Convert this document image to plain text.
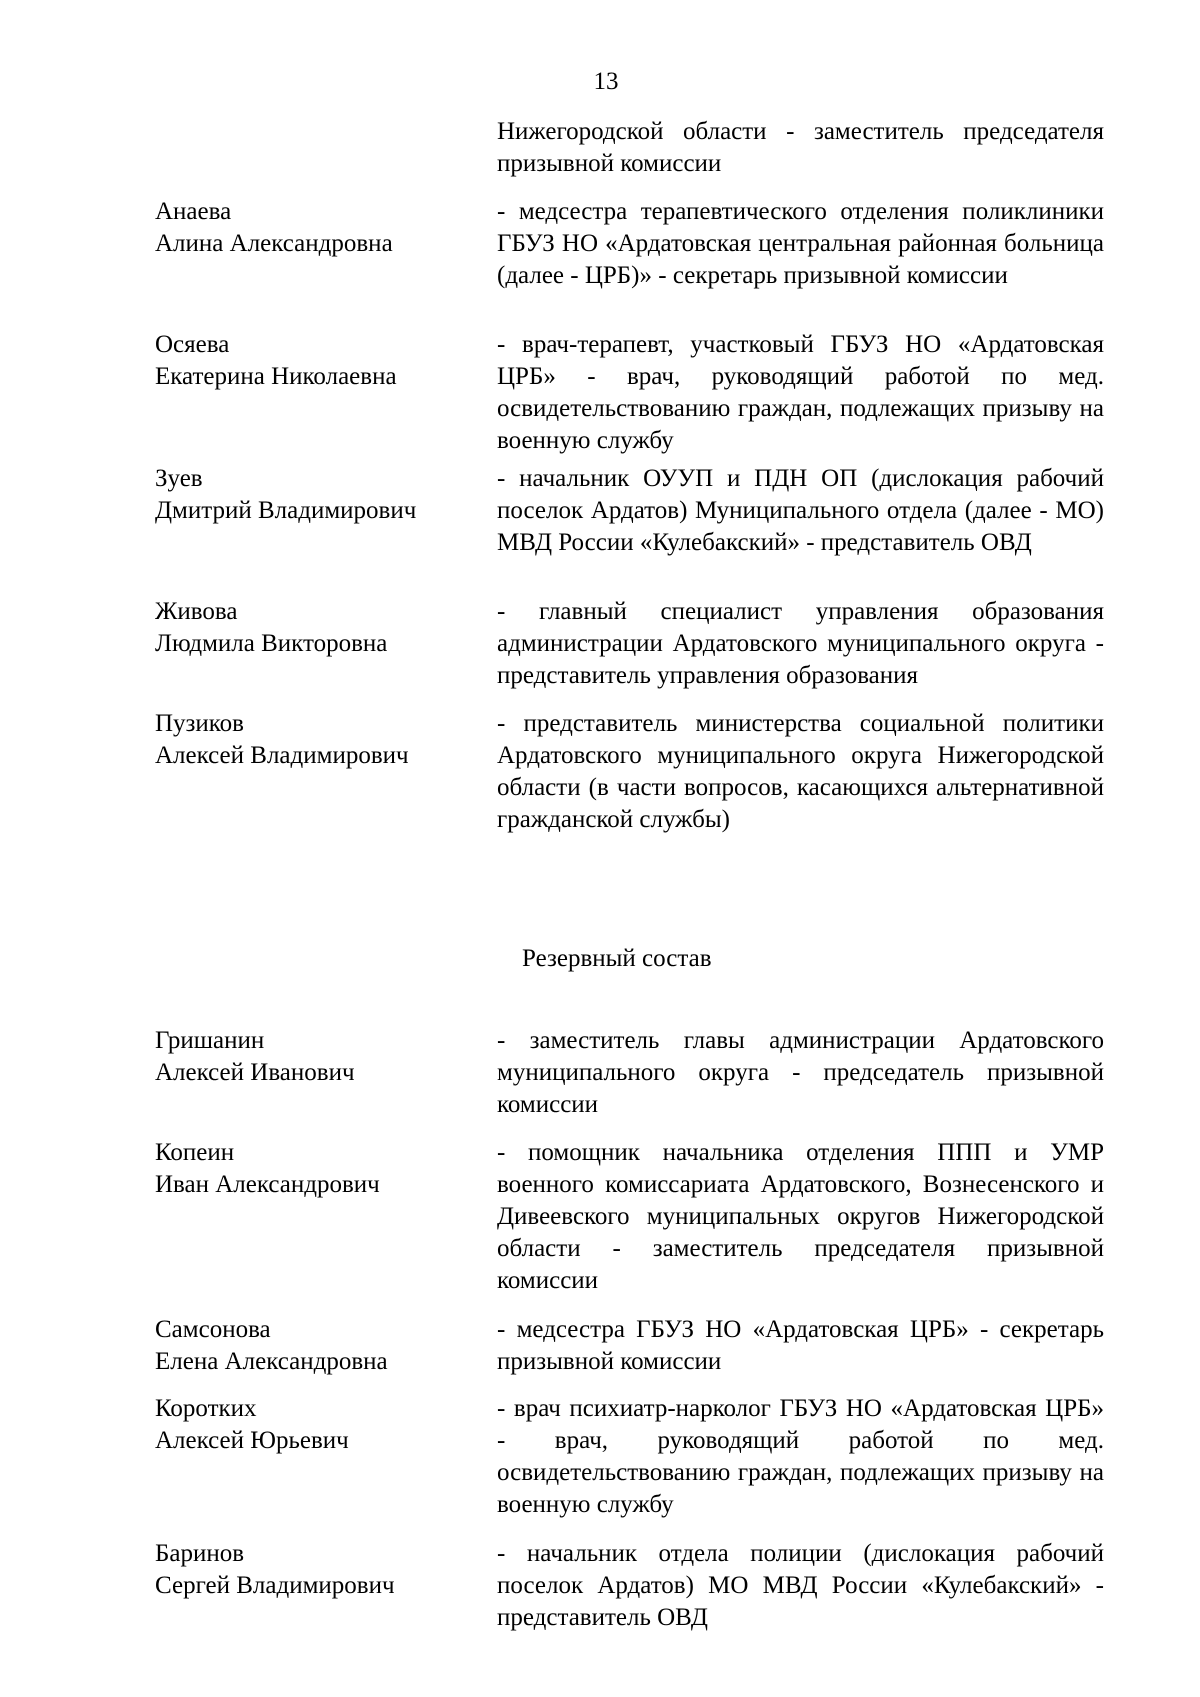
13
Нижегородской области - заместитель председателя призывной комиссии
Анаева
Алина Александровна
- медсестра терапевтического отделения поликлиники ГБУЗ НО «Ардатовская центральная районная больница (далее - ЦРБ)» - секретарь призывной комиссии
Осяева
Екатерина Николаевна
- врач-терапевт, участковый ГБУЗ НО «Ардатовская ЦРБ» - врач, руководящий работой по мед. освидетельствованию граждан, подлежащих призыву на военную службу
Зуев
Дмитрий Владимирович
- начальник ОУУП и ПДН ОП (дислокация рабочий поселок Ардатов) Муниципального отдела (далее - МО) МВД России «Кулебакский» - представитель ОВД
Живова
Людмила Викторовна
- главный специалист управления образования администрации Ардатовского муниципального округа - представитель управления образования
Пузиков
Алексей Владимирович
- представитель министерства социальной политики Ардатовского муниципального округа Нижегородской области (в части вопросов, касающихся альтернативной гражданской службы)
Резервный состав
Гришанин
Алексей Иванович
- заместитель главы администрации Ардатовского муниципального округа - председатель призывной комиссии
Копеин
Иван Александрович
- помощник начальника отделения ППП и УМР военного комиссариата Ардатовского, Вознесенского и Дивеевского муниципальных округов Нижегородской области - заместитель председателя призывной комиссии
Самсонова
Елена Александровна
- медсестра ГБУЗ НО «Ардатовская ЦРБ» - секретарь призывной комиссии
Коротких
Алексей Юрьевич
- врач психиатр-нарколог ГБУЗ НО «Ардатовская ЦРБ» - врач, руководящий работой по мед. освидетельствованию граждан, подлежащих призыву на военную службу
Баринов
Сергей Владимирович
- начальник отдела полиции (дислокация рабочий поселок Ардатов) МО МВД России «Кулебакский» - представитель ОВД
